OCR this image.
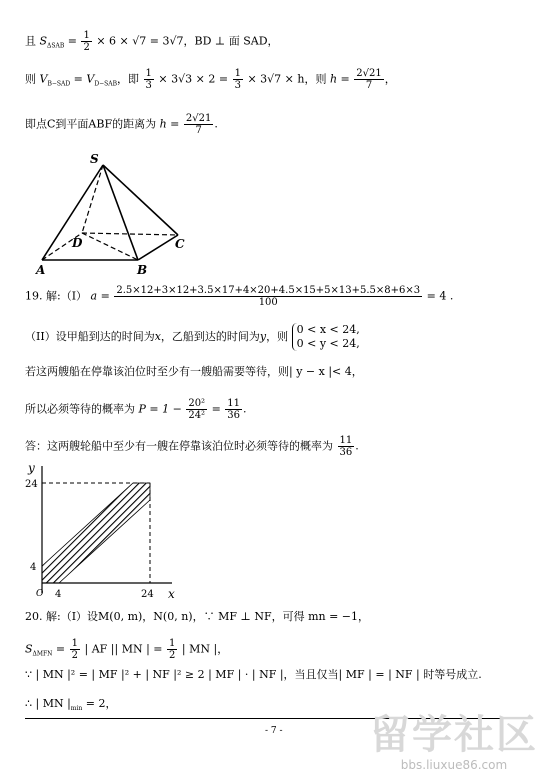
且 $S_{\Delta SAB} = \frac{1}{2} \times 6 \times √7 = 3√7$，BD ⊥ 面 SAD，
则 $V_{B-SAD} = V_{D-SAB}$，即 $\frac{1}{3} \times 3√3 \times 2 = \frac{1}{3} \times 3√7 \times h$，则 $h = \frac{2√21}{7}$ ，
即点C到平面ABF的距离为 $h = \frac{2√21}{7}$ .
S
A	B
C
D
19. 解:（I） $a = \frac{2.5\times 12+3\times 12+3.5\times 17+4\times 20+4.5\times 15+5\times 13+5.5\times 8+6\times 3}{100} = 4$ .
（II）设甲船到达的时间为x，乙船到达的时间为y，则
0 < x < 24,
0 < y < 24,
若这两艘船在停靠该泊位时至少有一艘船需要等待，则| y − x |< 4，
所以必须等待的概率为 $P = 1 - \frac{\text{20²}}{\text{24²}} = \frac{11}{36}$ .
答：这两艘轮船中至少有一艘在停靠该泊位时必须等待的概率为 $\frac{11}{36}$ .
y
x
O
24
4
4	24
20. 解:（I）设M(0, m)，N(0, n)，∵ MF ⊥ NF，可得 mn = −1，
$S_{\Delta MFN} = \frac{1}{2}$ | AF || MN | = $\frac{1}{2}$ | MN |，
∵ | MN |² = | MF |² + | NF |² ≥ 2 | MF | · | NF |，当且仅当| MF | = | NF | 时等号成立.
∴ | MN $|_{min} = 2$，
- 7 - 留学社区
bbs.liuxue86.com
